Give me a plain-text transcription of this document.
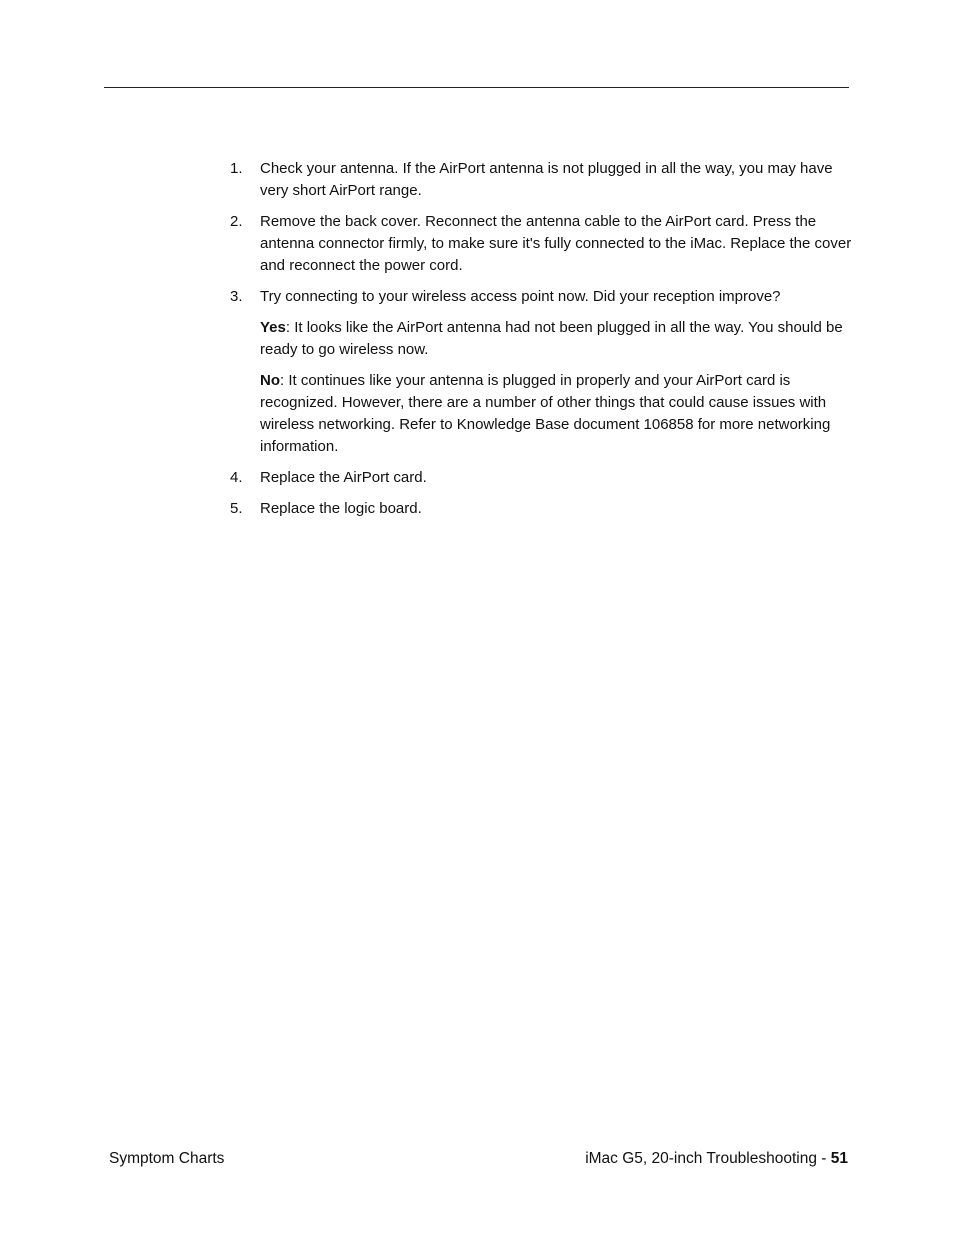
1.	Check your antenna. If the AirPort antenna is not plugged in all the way, you may have very short AirPort range.
2.	Remove the back cover. Reconnect the antenna cable to the AirPort card. Press the antenna connector firmly, to make sure it's fully connected to the iMac. Replace the cover and reconnect the power cord.
3.	Try connecting to your wireless access point now. Did your reception improve?
Yes: It looks like the AirPort antenna had not been plugged in all the way. You should be ready to go wireless now.
No: It continues like your antenna is plugged in properly and your AirPort card is recognized. However, there are a number of other things that could cause issues with wireless networking. Refer to Knowledge Base document 106858 for more networking information.
4.	Replace the AirPort card.
5.	Replace the logic board.
Symptom Charts	iMac G5, 20-inch Troubleshooting - 51
